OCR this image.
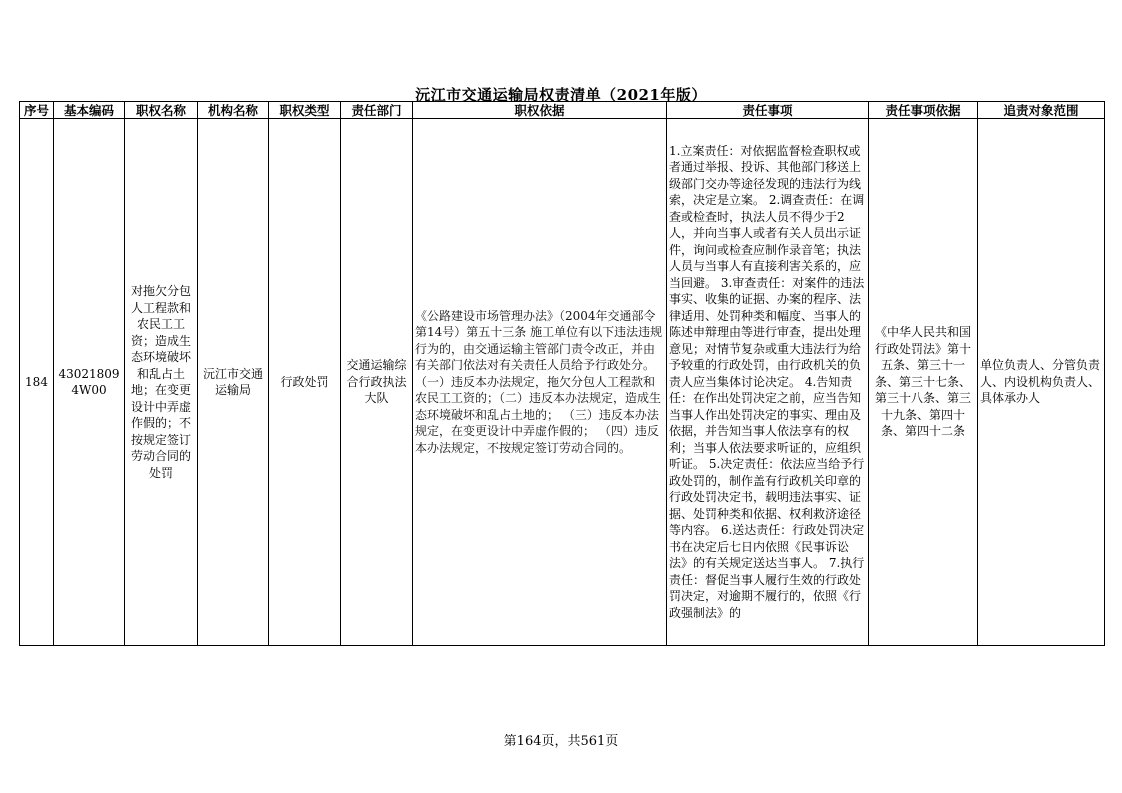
沅江市交通运输局权责清单（2021年版）
序号	基本编码	职权名称	机构名称	职权类型	责任部门	职权依据	责任事项	责任事项依据	追责对象范围
184	430218094W00	对拖欠分包人工程款和农民工工资；造成生态环境破坏和乱占土地；在变更设计中弄虚作假的；不按规定签订劳动合同的处罚	沅江市交通运输局	行政处罚	交通运输综合行政执法大队	《公路建设市场管理办法》（2004年交通部令第14号）第五十三条 施工单位有以下违法违规行为的，由交通运输主管部门责令改正，并由有关部门依法对有关责任人员给予行政处分。 （一）违反本办法规定，拖欠分包人工程款和农民工工资的；（二）违反本办法规定，造成生态环境破坏和乱占土地的； （三）违反本办法规定，在变更设计中弄虚作假的； （四）违反本办法规定，不按规定签订劳动合同的。	1.立案责任：对依据监督检查职权或者通过举报、投诉、其他部门移送上级部门交办等途径发现的违法行为线索，决定是立案。 2.调查责任：在调查或检查时，执法人员不得少于2人，并向当事人或者有关人员出示证件，询问或检查应制作录音笔；执法人员与当事人有直接利害关系的，应当回避。 3.审查责任：对案件的违法事实、收集的证据、办案的程序、法律适用、处罚种类和幅度、当事人的陈述申辩理由等进行审查，提出处理意见；对情节复杂或重大违法行为给予较重的行政处罚，由行政机关的负责人应当集体讨论决定。 4.告知责任：在作出处罚决定之前，应当告知当事人作出处罚决定的事实、理由及依据，并告知当事人依法享有的权利；当事人依法要求听证的，应组织听证。 5.决定责任：依法应当给予行政处罚的，制作盖有行政机关印章的行政处罚决定书，载明违法事实、证据、处罚种类和依据、权利救济途径等内容。 6.送达责任：行政处罚决定书在决定后七日内依照《民事诉讼法》的有关规定送达当事人。 7.执行责任：督促当事人履行生效的行政处罚决定，对逾期不履行的，依照《行政强制法》的	《中华人民共和国行政处罚法》第十五条、第三十一条、第三十七条、第三十八条、第三十九条、第四十条、第四十二条	单位负责人、分管负责人、内设机构负责人、具体承办人
第164页，共561页
